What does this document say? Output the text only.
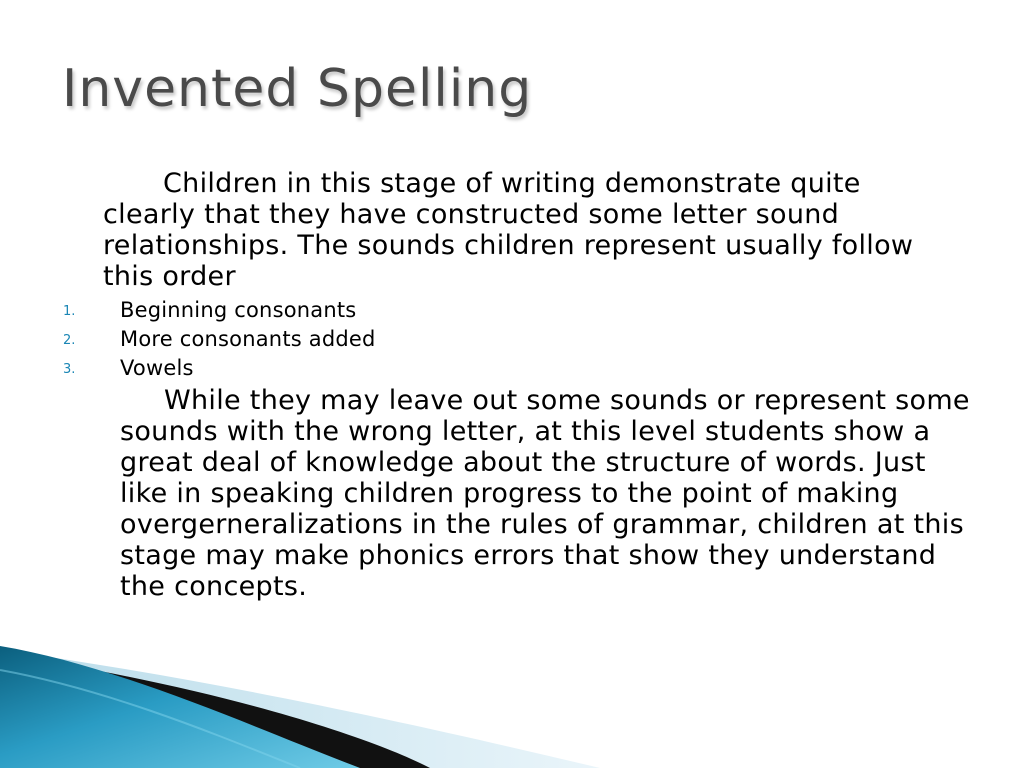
Invented Spelling
Children in this stage of writing demonstrate quite clearly that they have constructed some letter sound relationships. The sounds children represent usually follow this order
1. Beginning consonants
2. More consonants added
3. Vowels
While they may leave out some sounds or represent some sounds with the wrong letter, at this level students show a great deal of knowledge about the structure of words. Just like in speaking children progress to the point of making overgerneralizations in the rules of grammar, children at this stage may make phonics errors that show they understand the concepts.
